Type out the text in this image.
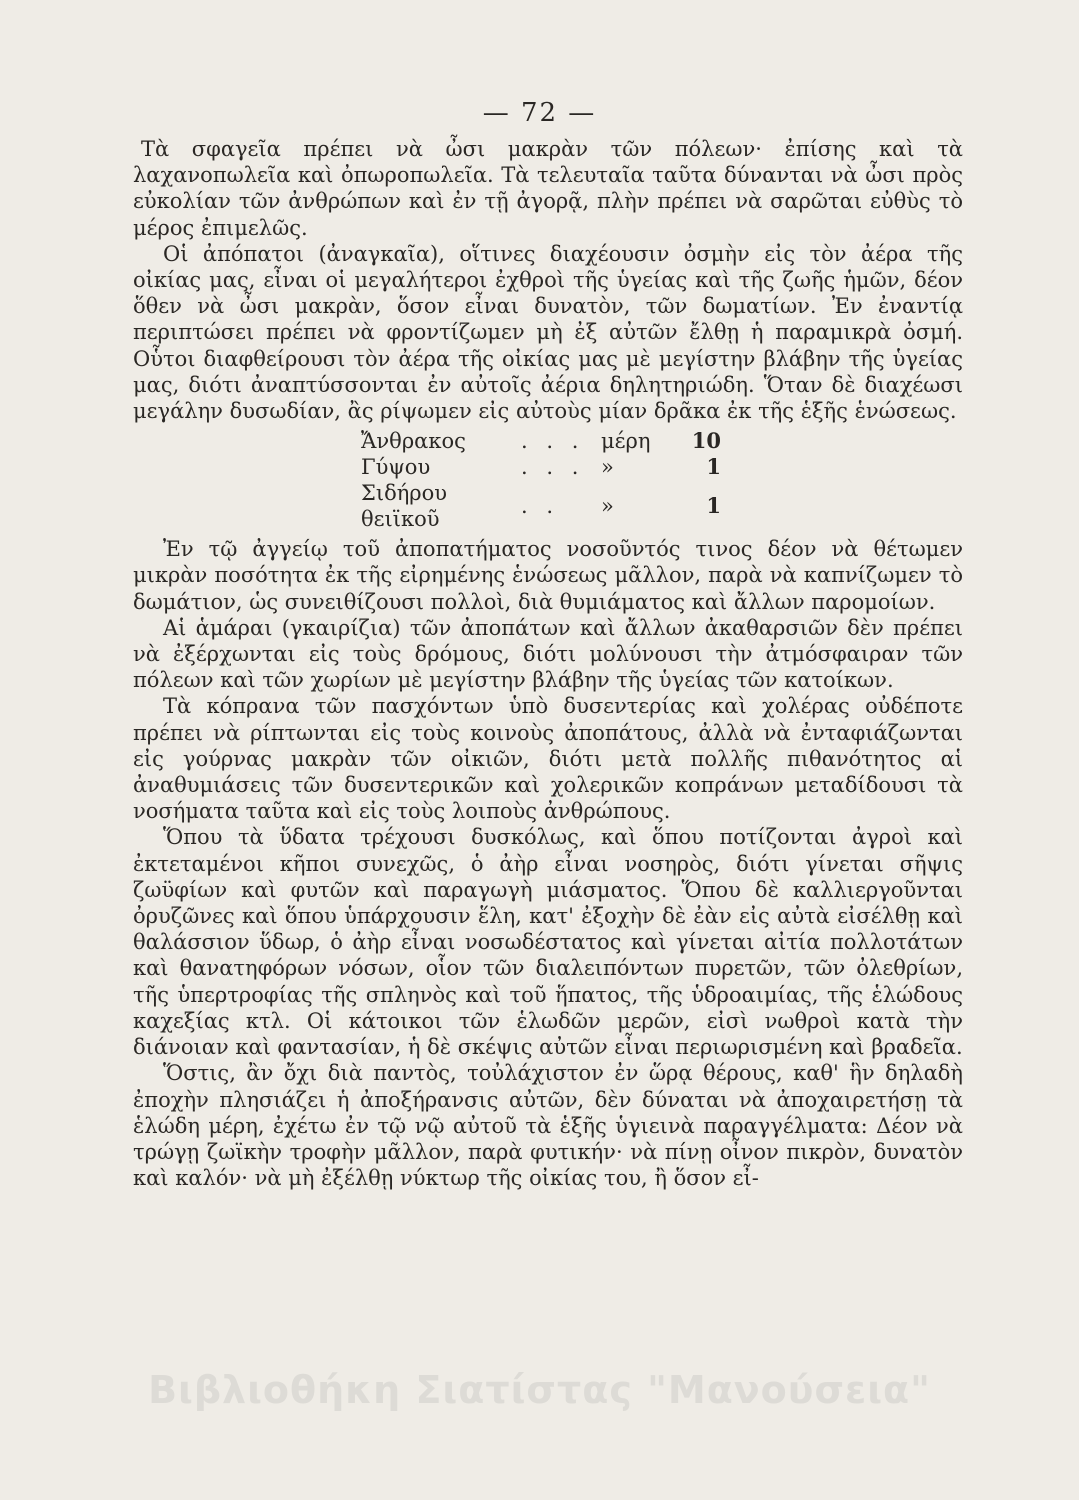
— 72 —

Τὰ σφαγεῖα πρέπει νὰ ὦσι μακρὰν τῶν πόλεων· ἐπίσης καὶ τὰ λαχανοπωλεῖα καὶ ὀπωροπωλεῖα. Τὰ τελευταῖα ταῦτα δύνανται νὰ ὦσι πρὸς εὐκολίαν τῶν ἀνθρώπων καὶ ἐν τῇ ἀγορᾷ, πλὴν πρέπει νὰ σαρῶται εὐθὺς τὸ μέρος ἐπιμελῶς.

Οἱ ἀπόπατοι (ἀναγκαῖα), οἵτινες διαχέουσιν ὀσμὴν εἰς τὸν ἀέρα τῆς οἰκίας μας, εἶναι οἱ μεγαλήτεροι ἐχθροὶ τῆς ὑγείας καὶ τῆς ζωῆς ἡμῶν, δέον ὅθεν νὰ ὦσι μακρὰν, ὅσον εἶναι δυνατὸν, τῶν δωματίων. Ἐν ἐναντίᾳ περιπτώσει πρέπει νὰ φροντίζωμεν μὴ ἐξ αὐτῶν ἔλθῃ ἡ παραμικρὰ ὀσμή. Οὗτοι διαφθείρουσι τὸν ἀέρα τῆς οἰκίας μας μὲ μεγίστην βλάβην τῆς ὑγείας μας, διότι ἀναπτύσσονται ἐν αὐτοῖς ἀέρια δηλητηριώδη. Ὅταν δὲ διαχέωσι μεγάλην δυσωδίαν, ἂς ρίψωμεν εἰς αὐτοὺς μίαν δρᾶκα ἐκ τῆς ἑξῆς ἑνώσεως.

Ἄνθρακος	. . .	μέρη	10
Γύψου	. . .	»	1
Σιδήρου θειϊκοῦ	. .	»	1

Ἐν τῷ ἀγγείῳ τοῦ ἀποπατήματος νοσοῦντός τινος δέον νὰ θέτωμεν μικρὰν ποσότητα ἐκ τῆς εἰρημένης ἑνώσεως μᾶλλον, παρὰ νὰ καπνίζωμεν τὸ δωμάτιον, ὡς συνειθίζουσι πολλοὶ, διὰ θυμιάματος καὶ ἄλλων παρομοίων.

Αἱ ἁμάραι (γκαιρίζια) τῶν ἀποπάτων καὶ ἄλλων ἀκαθαρσιῶν δὲν πρέπει νὰ ἐξέρχωνται εἰς τοὺς δρόμους, διότι μολύνουσι τὴν ἀτμόσφαιραν τῶν πόλεων καὶ τῶν χωρίων μὲ μεγίστην βλάβην τῆς ὑγείας τῶν κατοίκων.

Τὰ κόπρανα τῶν πασχόντων ὑπὸ δυσεντερίας καὶ χολέρας οὐδέποτε πρέπει νὰ ρίπτωνται εἰς τοὺς κοινοὺς ἀποπάτους, ἀλλὰ νὰ ἐνταφιάζωνται εἰς γούρνας μακρὰν τῶν οἰκιῶν, διότι μετὰ πολλῆς πιθανότητος αἱ ἀναθυμιάσεις τῶν δυσεντερικῶν καὶ χολερικῶν κοπράνων μεταδίδουσι τὰ νοσήματα ταῦτα καὶ εἰς τοὺς λοιποὺς ἀνθρώπους.

Ὅπου τὰ ὕδατα τρέχουσι δυσκόλως, καὶ ὅπου ποτίζονται ἀγροὶ καὶ ἐκτεταμένοι κῆποι συνεχῶς, ὁ ἀὴρ εἶναι νοσηρὸς, διότι γίνεται σῆψις ζωϋφίων καὶ φυτῶν καὶ παραγωγὴ μιάσματος. Ὅπου δὲ καλλιεργοῦνται ὀρυζῶνες καὶ ὅπου ὑπάρχουσιν ἕλη, κατ' ἐξοχὴν δὲ ἐὰν εἰς αὐτὰ εἰσέλθῃ καὶ θαλάσσιον ὕδωρ, ὁ ἀὴρ εἶναι νοσωδέστατος καὶ γίνεται αἰτία πολλοτάτων καὶ θανατηφόρων νόσων, οἷον τῶν διαλειπόντων πυρετῶν, τῶν ὀλεθρίων, τῆς ὑπερτροφίας τῆς σπληνὸς καὶ τοῦ ἥπατος, τῆς ὑδροαιμίας, τῆς ἑλώδους καχεξίας κτλ. Οἱ κάτοικοι τῶν ἑλωδῶν μερῶν, εἰσὶ νωθροὶ κατὰ τὴν διάνοιαν καὶ φαντασίαν, ἡ δὲ σκέψις αὐτῶν εἶναι περιωρισμένη καὶ βραδεῖα.

Ὅστις, ἂν ὄχι διὰ παντὸς, τοὐλάχιστον ἐν ὥρᾳ θέρους, καθ' ἣν δηλαδὴ ἐποχὴν πλησιάζει ἡ ἀποξήρανσις αὐτῶν, δὲν δύναται νὰ ἀποχαιρετήσῃ τὰ ἑλώδη μέρη, ἐχέτω ἐν τῷ νῷ αὐτοῦ τὰ ἑξῆς ὑγιεινὰ παραγγέλματα: Δέον νὰ τρώγῃ ζωϊκὴν τροφὴν μᾶλλον, παρὰ φυτικήν· νὰ πίνῃ οἶνον πικρὸν, δυνατὸν καὶ καλόν· νὰ μὴ ἐξέλθῃ νύκτωρ τῆς οἰκίας του, ἢ ὅσον εἶ-

Βιβλιοθήκη Σιατίστας "Μανούσεια"
